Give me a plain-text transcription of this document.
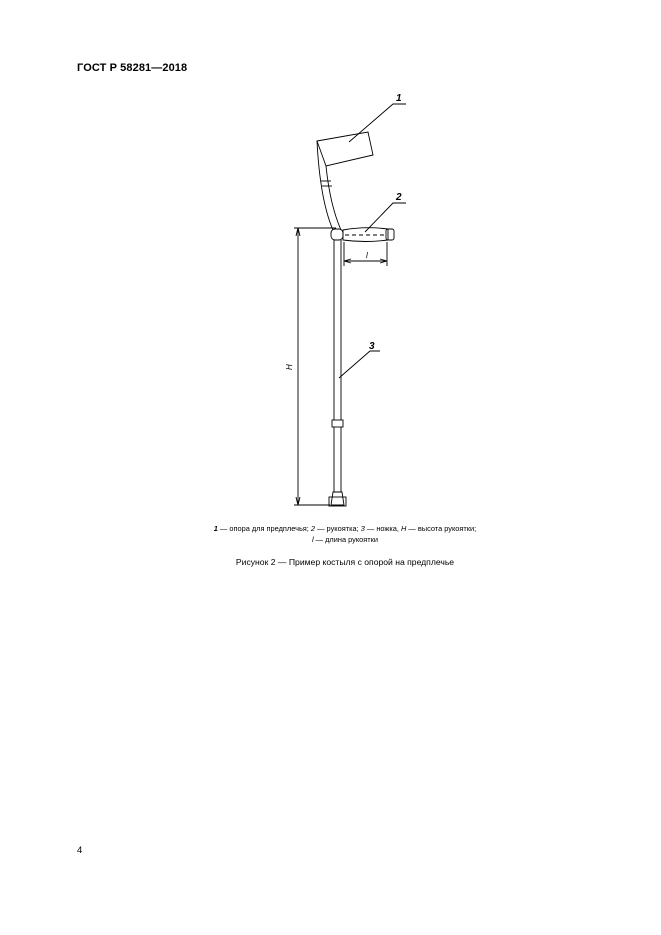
ГОСТ Р 58281—2018
1
2
3
l
H
1 — опора для предплечья; 2 — рукоятка; 3 — ножка, H — высота рукоятки;
l — длина рукоятки
Рисунок 2 — Пример костыля с опорой на предплечье
4
